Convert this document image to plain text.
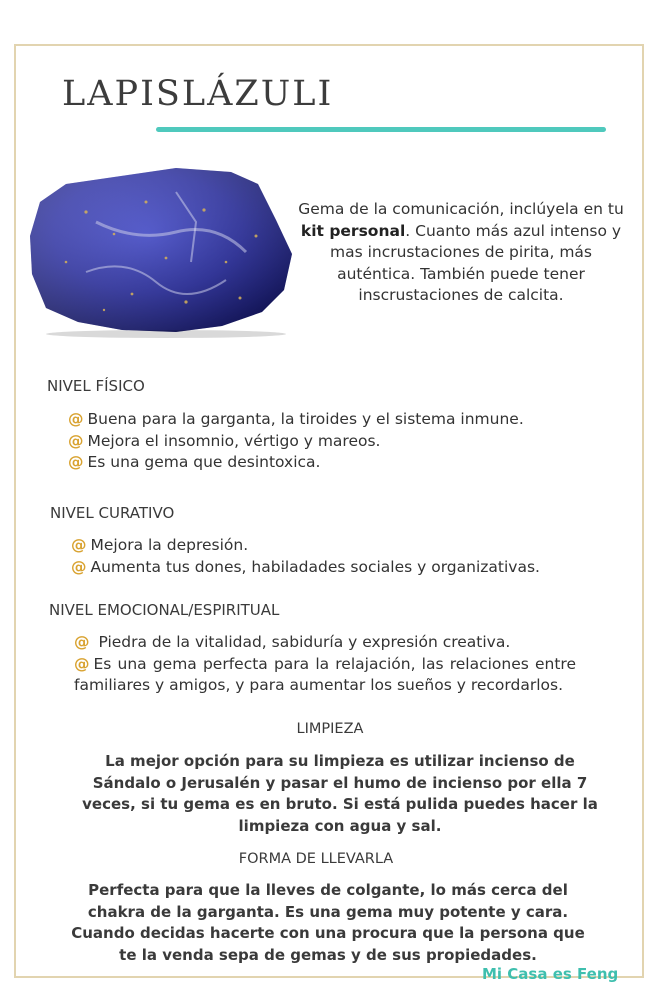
LAPISLÁZULI

Gema de la comunicación, inclúyela en tu kit personal. Cuanto más azul intenso y mas incrustaciones de pirita, más auténtica. También puede tener inscrustaciones de calcita.

NIVEL FÍSICO
@ Buena para la garganta, la tiroides y el sistema inmune.
@ Mejora el insomnio, vértigo y mareos.
@ Es una gema que desintoxica.
NIVEL CURATIVO
@ Mejora la depresión.
@ Aumenta tus dones, habiladades sociales y organizativas.
NIVEL EMOCIONAL/ESPIRITUAL
@ Piedra de la vitalidad, sabiduría y expresión creativa.
@ Es una gema perfecta para la relajación, las relaciones entre familiares y amigos, y para aumentar los sueños y recordarlos.
LIMPIEZA

La mejor opción para su limpieza es utilizar incienso de Sándalo o Jerusalén y pasar el humo de incienso por ella 7 veces, si tu gema es en bruto. Si está pulida puedes hacer la limpieza con agua y sal.

FORMA DE LLEVARLA

Perfecta para que la lleves de colgante, lo más cerca del chakra de la garganta. Es una gema muy potente y cara. Cuando decidas hacerte con una procura que la persona que te la venda sepa de gemas y de sus propiedades.

Mi Casa es Feng
